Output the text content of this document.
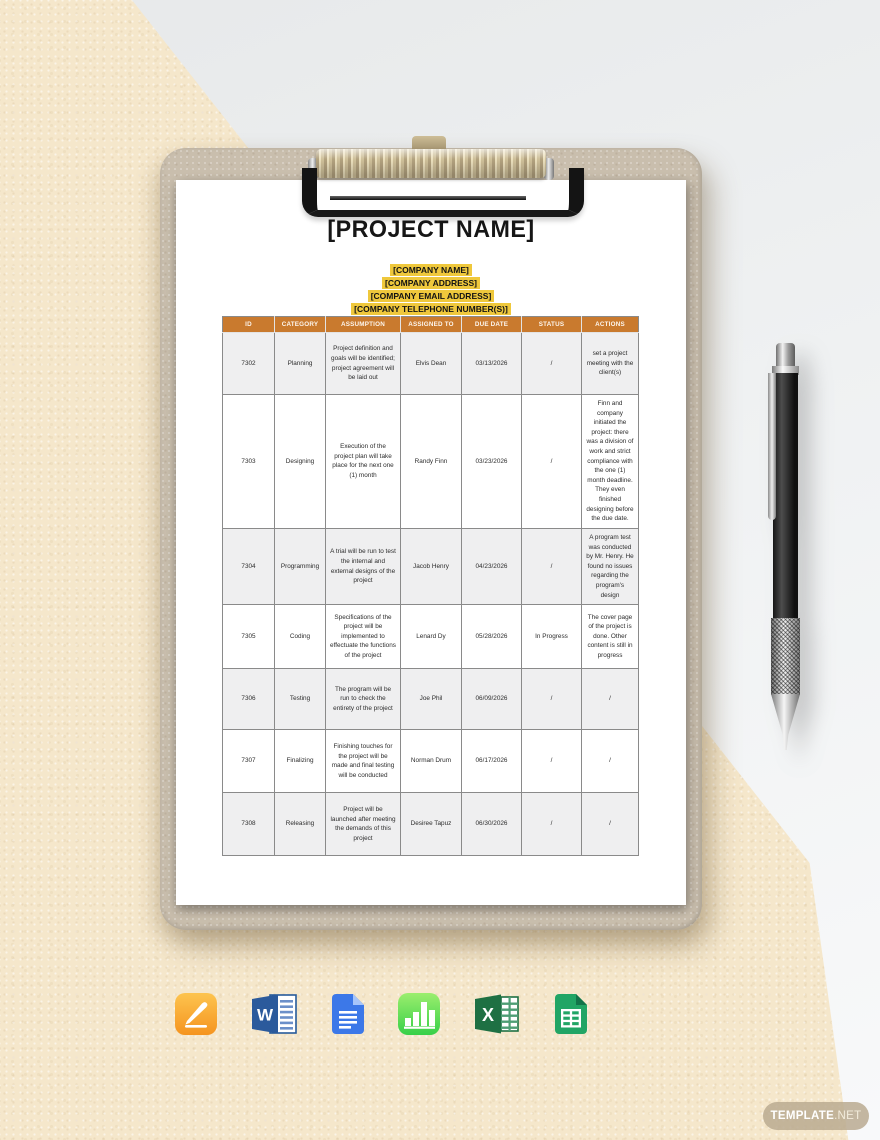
[PROJECT NAME]
[COMPANY NAME]
[COMPANY ADDRESS]
[COMPANY EMAIL ADDRESS]
[COMPANY TELEPHONE NUMBER(S)]
ID	CATEGORY	ASSUMPTION	ASSIGNED TO	DUE DATE	STATUS	ACTIONS
7302	Planning	Project definition and goals will be identified; project agreement will be laid out	Elvis Dean	03/13/2026	/	set a project meeting with the client(s)
7303	Designing	Execution of the project plan will take place for the next one (1) month	Randy Finn	03/23/2026	/	Finn and company initiated the project: there was a division of work and strict compliance with the one (1) month deadline. They even finished designing before the due date.
7304	Programming	A trial will be run to test the internal and external designs of the project	Jacob Henry	04/23/2026	/	A program test was conducted by Mr. Henry. He found no issues regarding the program's design
7305	Coding	Specifications of the project will be implemented to effectuate the functions of the project	Lenard Dy	05/28/2026	In Progress	The cover page of the project is done. Other content is still in progress
7306	Testing	The program will be run to check the entirety of the project	Joe Phil	06/09/2026	/	/
7307	Finalizing	Finishing touches for the project will be made and final testing will be conducted	Norman Drum	06/17/2026	/	/
7308	Releasing	Project will be launched after meeting the demands of this project	Desiree Tapuz	06/30/2026	/	/
W	X
TEMPLATE .NET
